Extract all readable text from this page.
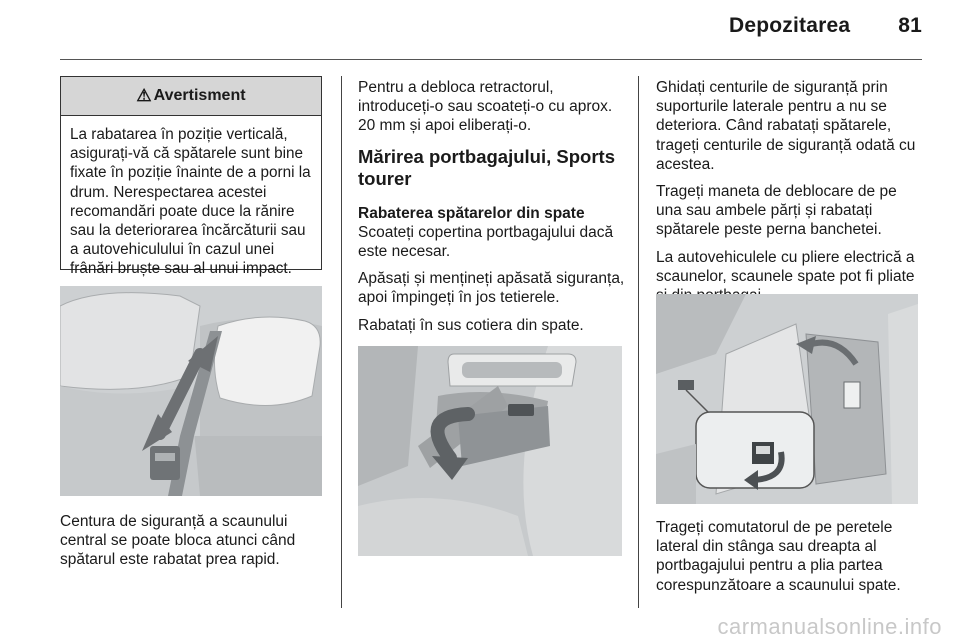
Depozitarea 81
⚠ Avertisment
La rabatarea în poziție verticală, asigurați-vă că spătarele sunt bine fixate în poziție înainte de a porni la drum. Nerespectarea acestei recomandări poate duce la rănire sau la deteriorarea încărcăturii sau a autovehiculului în cazul unei frânări bruște sau al unui impact.
Centura de siguranță a scaunului central se poate bloca atunci când spătarul este rabatat prea rapid.

Pentru a debloca retractorul, introduceți-o sau scoateți-o cu aprox. 20 mm și apoi eliberați-o.

Mărirea portbagajului, Sports tourer
Rabaterea spătarelor din spate

Scoateți copertina portbagajului dacă este necesar.

Apăsați și mențineți apăsată siguranța, apoi împingeți în jos tetierele.

Rabatați în sus cotiera din spate.

Ghidați centurile de siguranță prin suporturile laterale pentru a nu se deteriora. Când rabatați spătarele, trageți centurile de siguranță odată cu acestea.

Trageți maneta de deblocare de pe una sau ambele părți și rabatați spătarele peste perna banchetei.

La autovehiculele cu pliere electrică a scaunelor, scaunele spate pot fi pliate

Trageți comutatorul de pe peretele lateral din stânga sau dreapta al portbagajului pentru a plia partea corespunzătoare a scaunului spate.
carmanualsonline.info
